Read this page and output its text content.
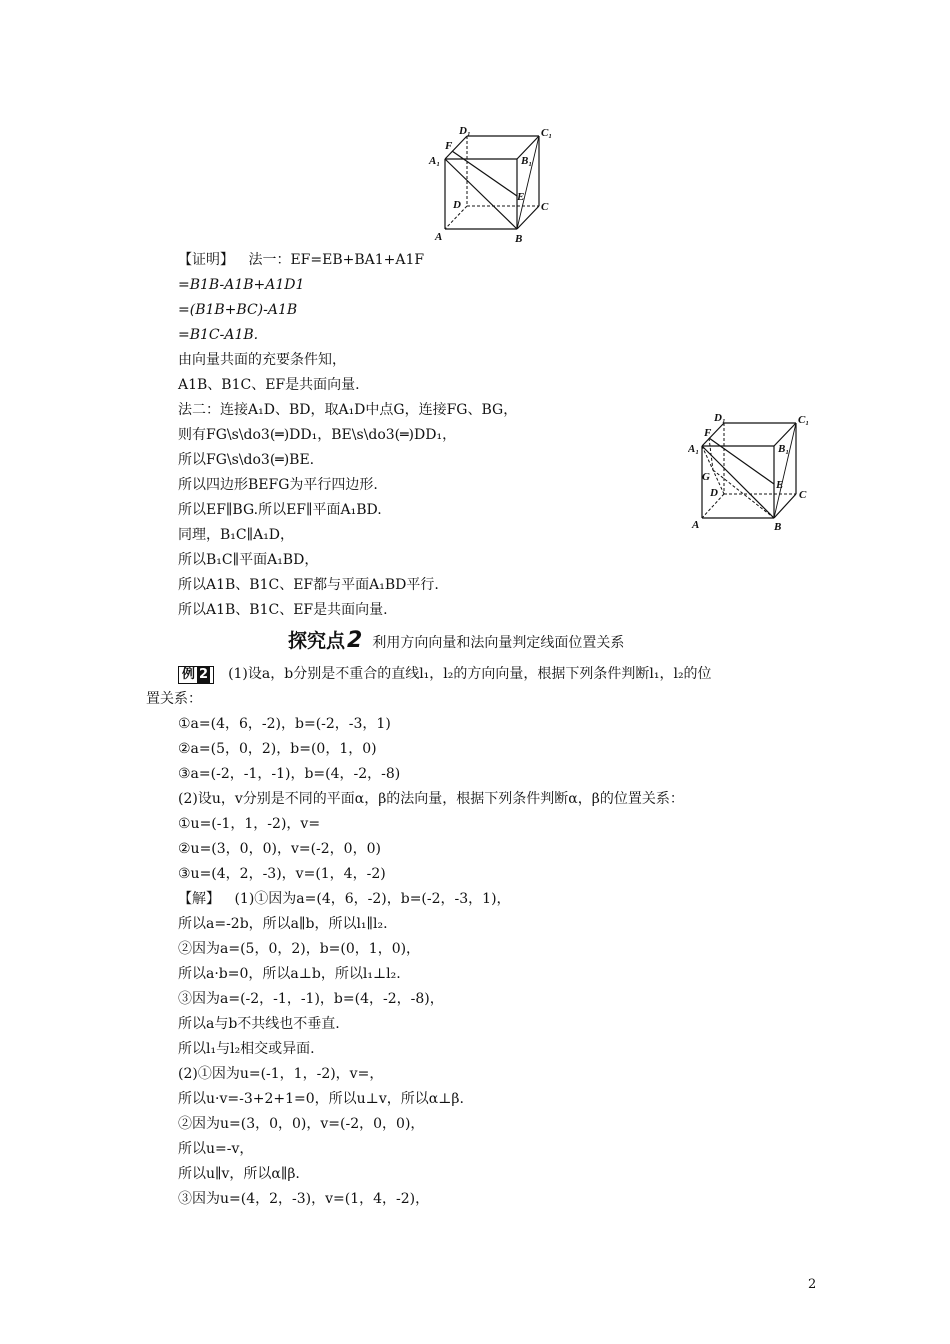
D₁	C₁
F
A₁	B₁
D
E
C
A	B
D₁	C₁
F
A₁	B₁
G
D
E
C
A	B
【证明】 法一：EF=EB+BA1+A1F
=B1B-A1B+A1D1
=(B1B+BC)-A1B
=B1C-A1B.
由向量共面的充要条件知，
A1B、B1C、EF是共面向量.
法二：连接A₁D、BD，取A₁D中点G，连接FG、BG，
则有FG\s\do3(═)DD₁，BE\s\do3(═)DD₁，
所以FG\s\do3(═)BE.
所以四边形BEFG为平行四边形.
所以EF∥BG.所以EF∥平面A₁BD.
同理，B₁C∥A₁D，
所以B₁C∥平面A₁BD，
所以A1B、B1C、EF都与平面A₁BD平行.
所以A1B、B1C、EF是共面向量.
探究点2 利用方向向量和法向量判定线面位置关系
例 2 (1)设a，b分别是不重合的直线l₁，l₂的方向向量，根据下列条件判断l₁，l₂的位
置关系：
①a=(4，6，-2)，b=(-2，-3，1)
②a=(5，0，2)，b=(0，1，0)
③a=(-2，-1，-1)，b=(4，-2，-8)
(2)设u，v分别是不同的平面α，β的法向量，根据下列条件判断α，β的位置关系：
①u=(-1，1，-2)，v=
②u=(3，0，0)，v=(-2，0，0)
③u=(4，2，-3)，v=(1，4，-2)
【解】 (1)①因为a=(4，6，-2)，b=(-2，-3，1)，
所以a=-2b，所以a∥b，所以l₁∥l₂.
②因为a=(5，0，2)，b=(0，1，0)，
所以a·b=0，所以a⊥b，所以l₁⊥l₂.
③因为a=(-2，-1，-1)，b=(4，-2，-8)，
所以a与b不共线也不垂直.
所以l₁与l₂相交或异面.
(2)①因为u=(-1，1，-2)，v=，
所以u·v=-3+2+1=0，所以u⊥v，所以α⊥β.
②因为u=(3，0，0)，v=(-2，0，0)，
所以u=-v，
所以u∥v，所以α∥β.
③因为u=(4，2，-3)，v=(1，4，-2)，
2
